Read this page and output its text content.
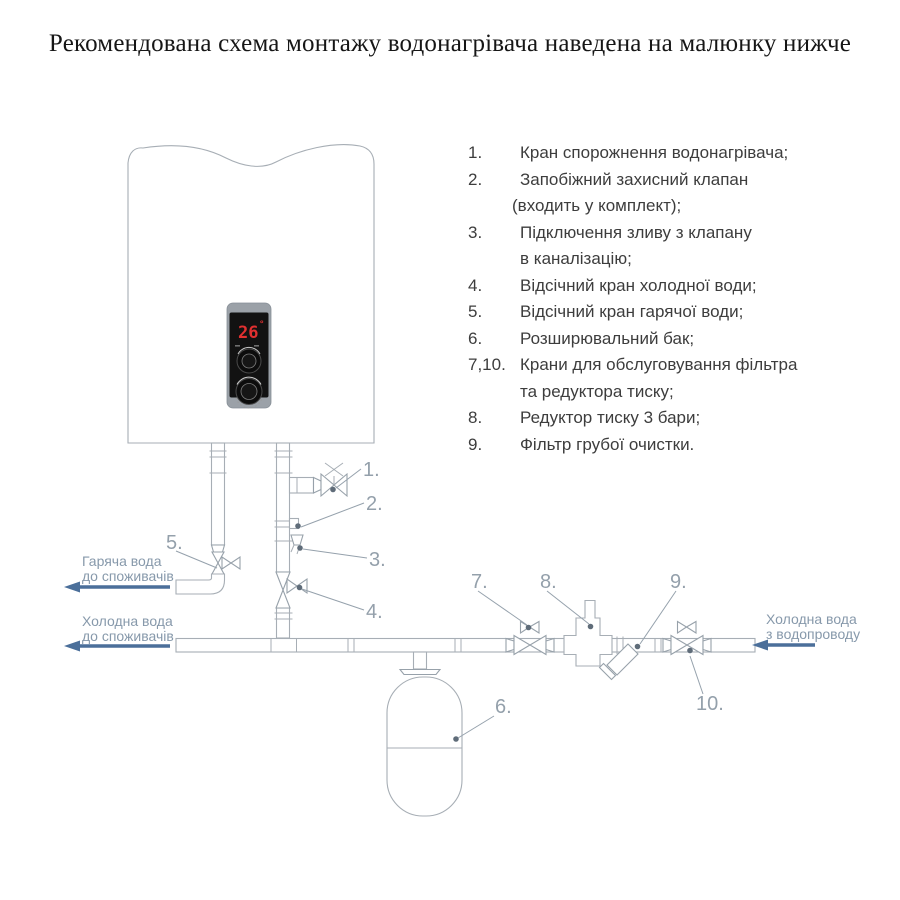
Рекомендована схема монтажу водонагрівача наведена на малюнку нижче
1.	Кран спорожнення водонагрівача;
2.	Запобіжний захисний клапан
(входить у комплект);
3.	Підключення зливу з клапану
в каналізацію;
4.	Відсічний кран холодної води;
5.	Відсічний кран гарячої води;
6.	Розширювальний бак;
7,10. Крани для обслуговування фільтра
та редуктора тиску;
8.	Редуктор тиску 3 бари;
9.	Фільтр грубої очистки.
26 °
Гаряча вода
до споживачів
Холодна вода
до споживачів
Холодна вода
з водопроводу
1.
2.
3.
4.
5.
6.
7.	8.	9.
10.
